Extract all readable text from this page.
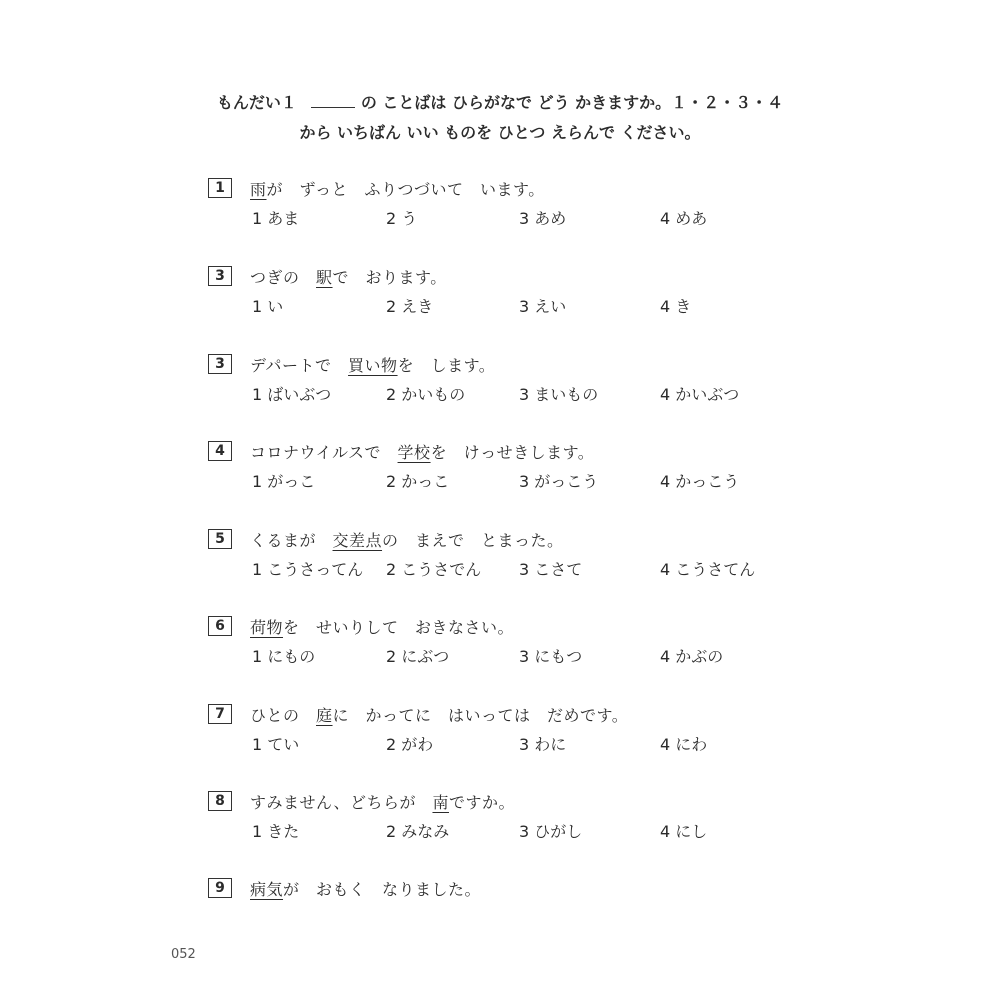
もんだい１	の ことばは ひらがなで どう かきますか。１・２・３・４
から いちばん いい ものを ひとつ えらんで ください。
1	雨が　ずっと　ふりつづいて　います。
1 あま	2 う	3 あめ	4 めあ
3	つぎの　駅で　おります。
1 い	2 えき	3 えい	4 き
3	デパートで　買い物を　します。
1 ばいぶつ	2 かいもの	3 まいもの	4 かいぶつ
4	コロナウイルスで　学校を　けっせきします。
1 がっこ	2 かっこ	3 がっこう	4 かっこう
5	くるまが　交差点の　まえで　とまった。
1 こうさってん 2 こうさでん 3 こさて	4 こうさてん
6	荷物を　せいりして　おきなさい。
1 にもの	2 にぶつ	3 にもつ	4 かぶの
7	ひとの　庭に　かってに　はいっては　だめです。
1 てい	2 がわ	3 わに	4 にわ
8	すみません、どちらが　南ですか。
1 きた	2 みなみ	3 ひがし	4 にし
9	病気が　おもく　なりました。
052
